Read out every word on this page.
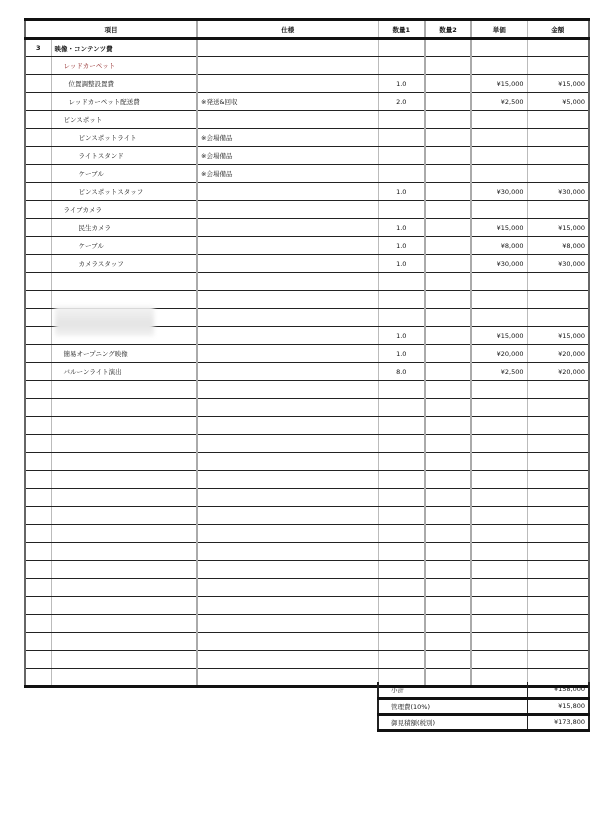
項目		仕様	数量1	数量2	単価	金額
3	映像・コンテンツ費					
	レッドカーペット					
	位置調整設置費		1.0		¥15,000	¥15,000
	レッドカーペット配送費	※発送&回収	2.0		¥2,500	¥5,000
	ピンスポット					
	ピンスポットライト	※会場備品				
	ライトスタンド	※会場備品				
	ケーブル	※会場備品				
	ピンスポットスタッフ		1.0		¥30,000	¥30,000
	ライブカメラ					
	民生カメラ		1.0		¥15,000	¥15,000
	ケーブル		1.0		¥8,000	¥8,000
	カメラスタッフ		1.0		¥30,000	¥30,000

			1.0		¥15,000	¥15,000
	簡易オープニング映像		1.0		¥20,000	¥20,000
	バルーンライト演出		8.0		¥2,500	¥20,000

小計	¥158,000
管理費(10%)	¥15,800
御見積額(税別)	¥173,800
